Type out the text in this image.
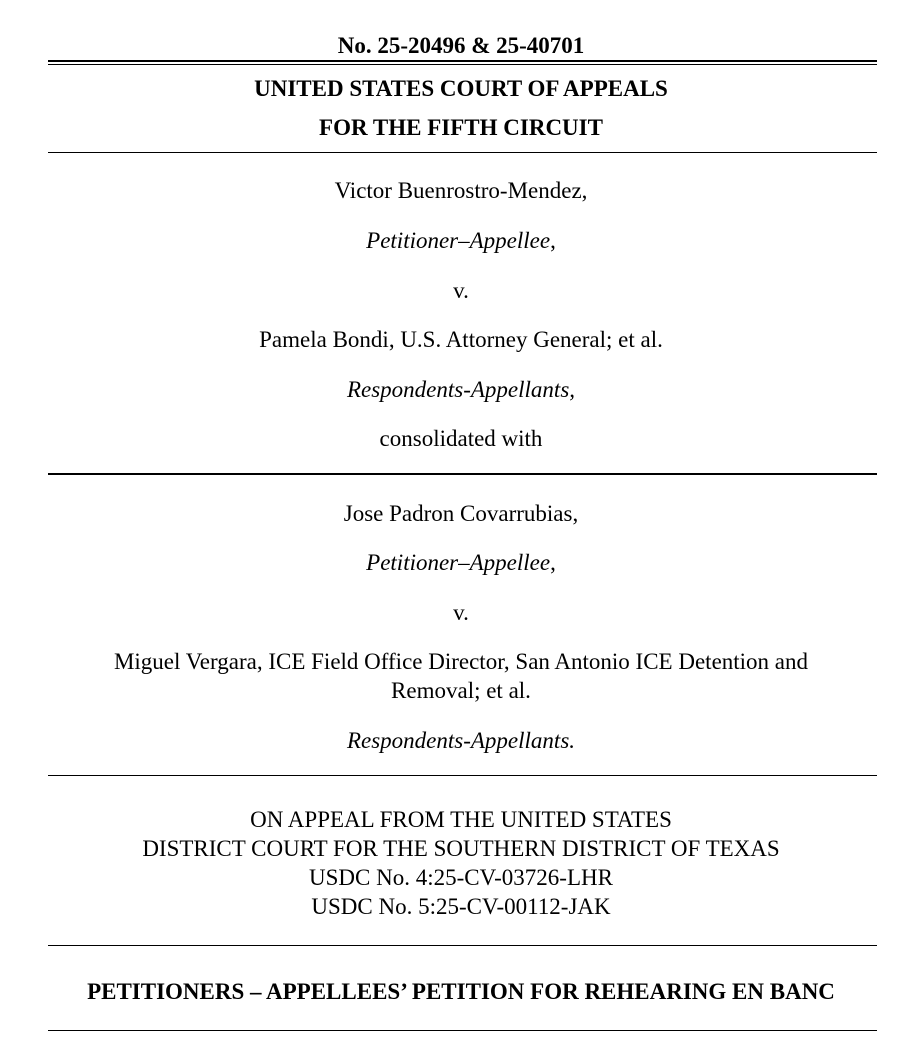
No. 25-20496 & 25-40701
UNITED STATES COURT OF APPEALS
FOR THE FIFTH CIRCUIT
Victor Buenrostro-Mendez,
Petitioner–Appellee,
v.
Pamela Bondi, U.S. Attorney General; et al.
Respondents-Appellants,
consolidated with
Jose Padron Covarrubias,
Petitioner–Appellee,
v.
Miguel Vergara, ICE Field Office Director, San Antonio ICE Detention and
Removal; et al.
Respondents-Appellants.
ON APPEAL FROM THE UNITED STATES
DISTRICT COURT FOR THE SOUTHERN DISTRICT OF TEXAS
USDC No. 4:25-CV-03726-LHR
USDC No. 5:25-CV-00112-JAK
PETITIONERS – APPELLEES’ PETITION FOR REHEARING EN BANC
